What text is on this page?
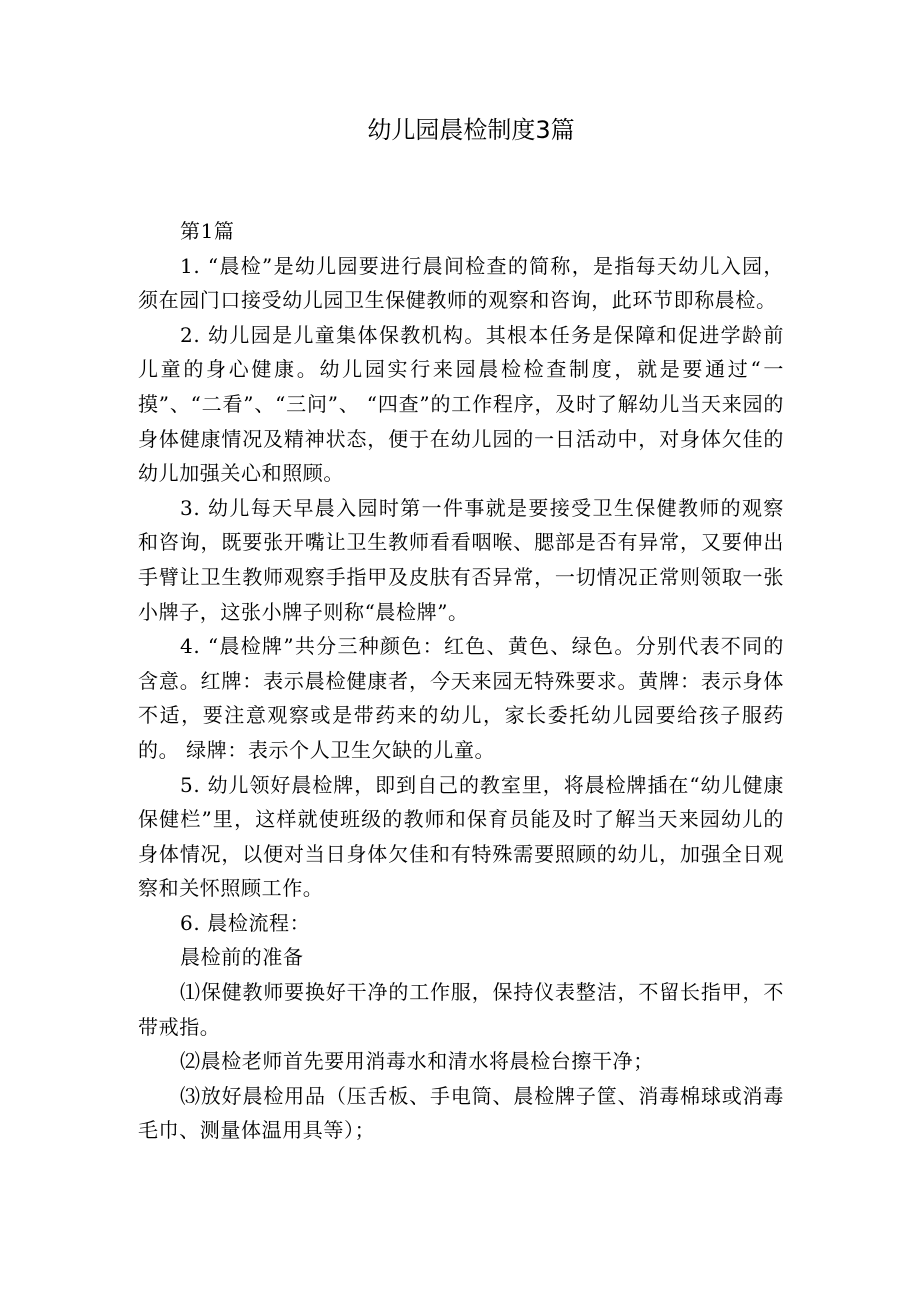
幼儿园晨检制度3篇

第1篇

1. “晨检”是幼儿园要进行晨间检查的简称，是指每天幼儿入园，须在园门口接受幼儿园卫生保健教师的观察和咨询，此环节即称晨检。

2. 幼儿园是儿童集体保教机构。其根本任务是保障和促进学龄前儿童的身心健康。幼儿园实行来园晨检检查制度，就是要通过“一摸”、“二看”、“三问”、 “四查”的工作程序，及时了解幼儿当天来园的身体健康情况及精神状态，便于在幼儿园的一日活动中，对身体欠佳的幼儿加强关心和照顾。

3. 幼儿每天早晨入园时第一件事就是要接受卫生保健教师的观察和咨询，既要张开嘴让卫生教师看看咽喉、腮部是否有异常，又要伸出手臂让卫生教师观察手指甲及皮肤有否异常，一切情况正常则领取一张小牌子，这张小牌子则称“晨检牌”。

4. “晨检牌”共分三种颜色：红色、黄色、绿色。分别代表不同的含意。红牌：表示晨检健康者，今天来园无特殊要求。黄牌：表示身体不适，要注意观察或是带药来的幼儿，家长委托幼儿园要给孩子服药的。 绿牌：表示个人卫生欠缺的儿童。

5. 幼儿领好晨检牌，即到自己的教室里，将晨检牌插在“幼儿健康保健栏”里，这样就使班级的教师和保育员能及时了解当天来园幼儿的身体情况，以便对当日身体欠佳和有特殊需要照顾的幼儿，加强全日观察和关怀照顾工作。

6. 晨检流程：

晨检前的准备

⑴保健教师要换好干净的工作服，保持仪表整洁，不留长指甲，不带戒指。

⑵晨检老师首先要用消毒水和清水将晨检台擦干净；

⑶放好晨检用品（压舌板、手电筒、晨检牌子筐、消毒棉球或消毒毛巾、测量体温用具等）；
